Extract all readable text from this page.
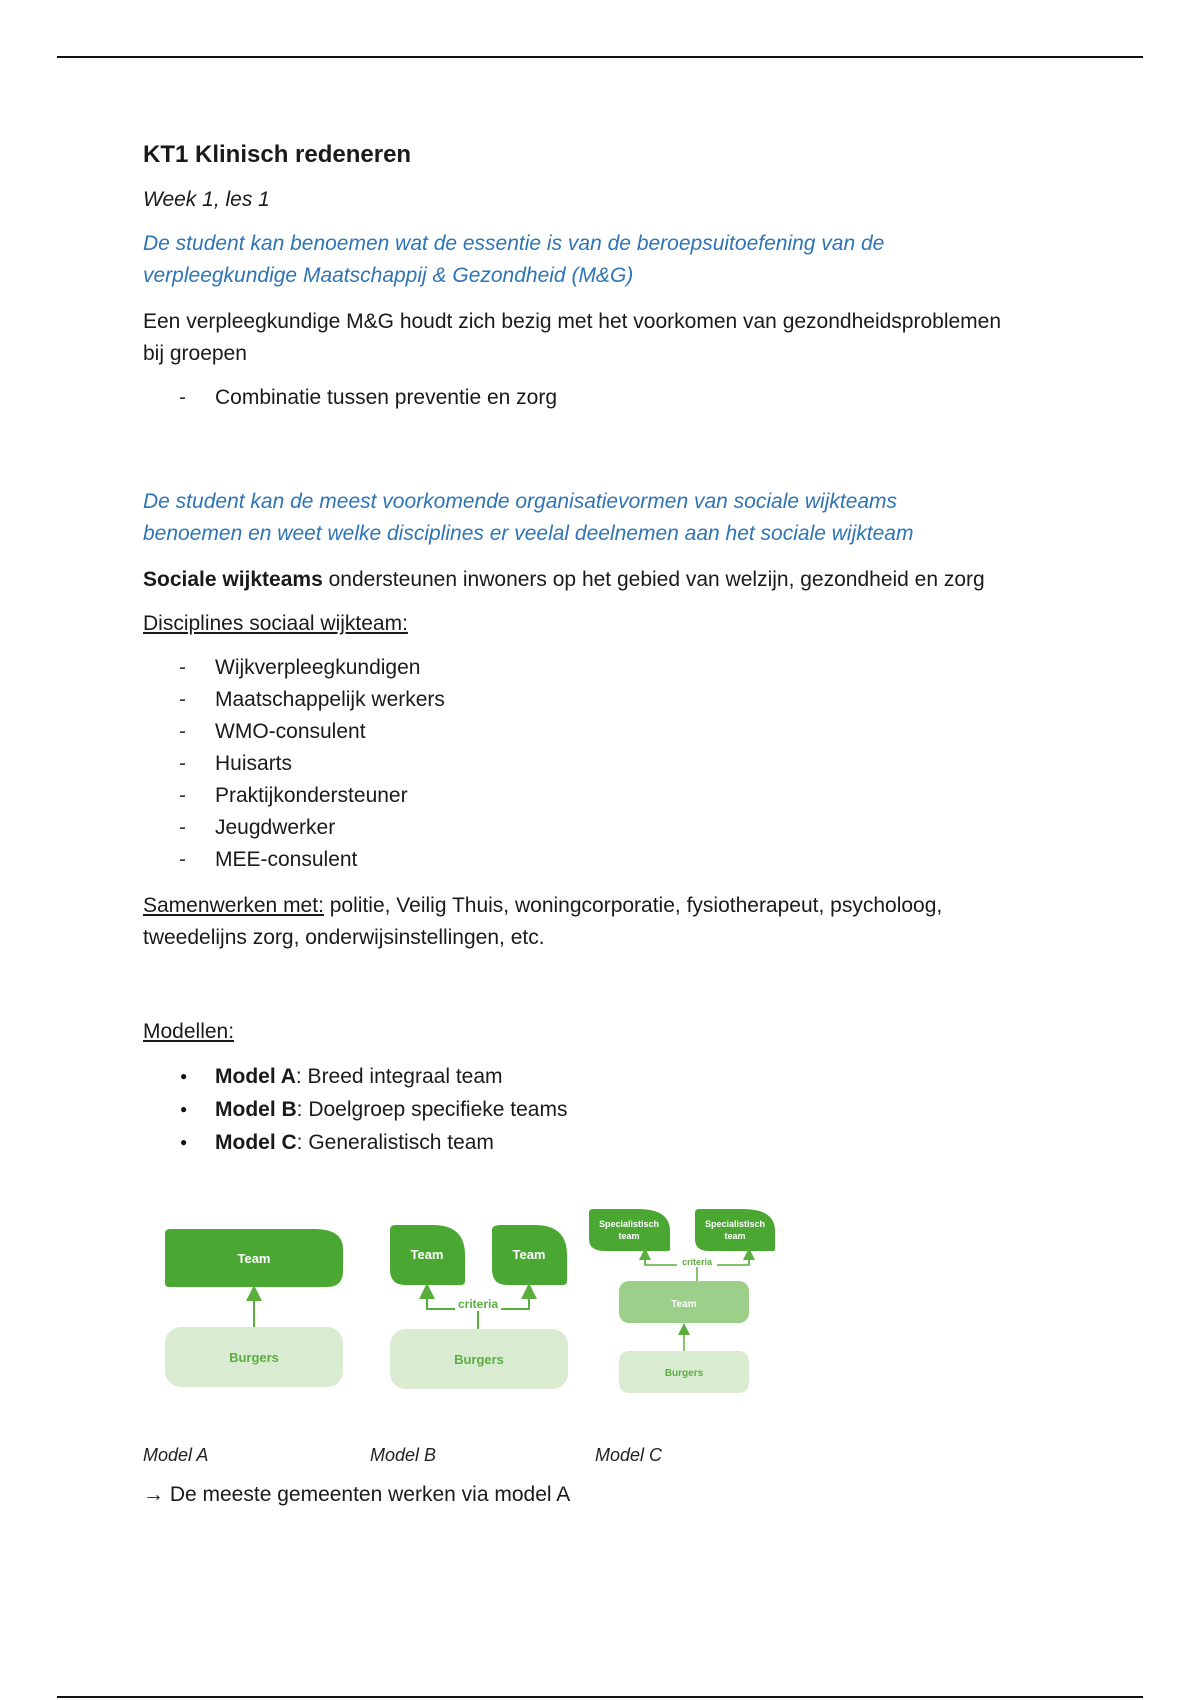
KT1 Klinisch redeneren
Week 1, les 1
De student kan benoemen wat de essentie is van de beroepsuitoefening van de
verpleegkundige Maatschappij & Gezondheid (M&G)

Een verpleegkundige M&G houdt zich bezig met het voorkomen van gezondheidsproblemen
bij groepen

- Combinatie tussen preventie en zorg
De student kan de meest voorkomende organisatievormen van sociale wijkteams
benoemen en weet welke disciplines er veelal deelnemen aan het sociale wijkteam

Sociale wijkteams ondersteunen inwoners op het gebied van welzijn, gezondheid en zorg

Disciplines sociaal wijkteam:

- Wijkverpleegkundigen
- Maatschappelijk werkers
- WMO-consulent
- Huisarts
- Praktijkondersteuner
- Jeugdwerker
- MEE-consulent

Samenwerken met: politie, Veilig Thuis, woningcorporatie, fysiotherapeut, psycholoog,
tweedelijns zorg, onderwijsinstellingen, etc.

Modellen:

● Model A: Breed integraal team
● Model B: Doelgroep specifieke teams
● Model C: Generalistisch team
Team
Burgers
Team	Team
criteria
Burgers
Specialistisch
team
Specialistisch
team
criteria
Team
Burgers
Model A	Model B	Model C

→ De meeste gemeenten werken via model A
